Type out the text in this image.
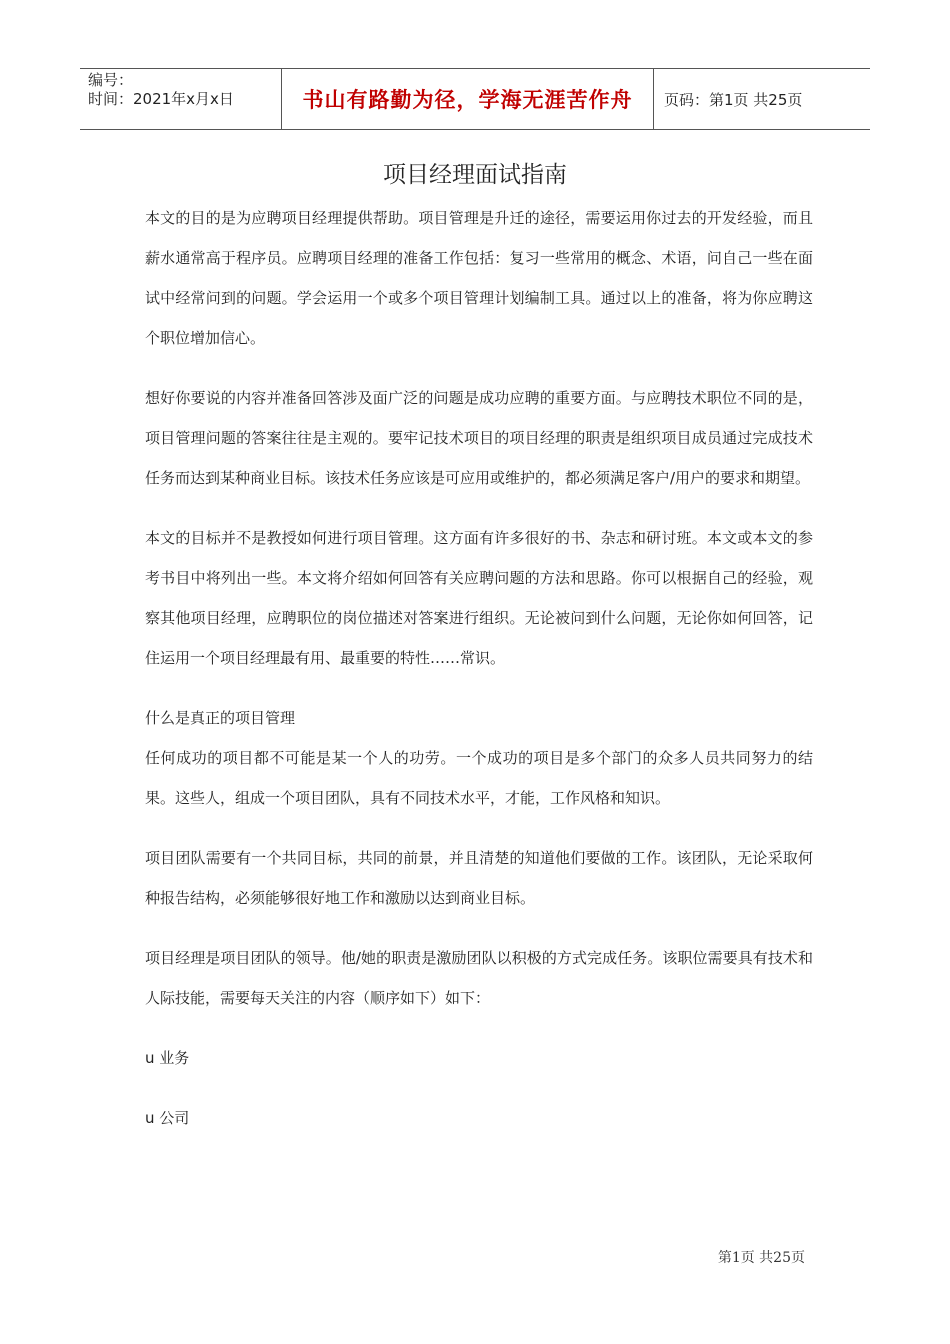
编号：
时间：2021年x月x日	书山有路勤为径，学海无涯苦作舟	页码：第1页 共25页
项目经理面试指南

本文的目的是为应聘项目经理提供帮助。项目管理是升迁的途径，需要运用你过去的开发经验，而且薪水通常高于程序员。应聘项目经理的准备工作包括：复习一些常用的概念、术语，问自己一些在面试中经常问到的问题。学会运用一个或多个项目管理计划编制工具。通过以上的准备，将为你应聘这个职位增加信心。

想好你要说的内容并准备回答涉及面广泛的问题是成功应聘的重要方面。与应聘技术职位不同的是，项目管理问题的答案往往是主观的。要牢记技术项目的项目经理的职责是组织项目成员通过完成技术任务而达到某种商业目标。该技术任务应该是可应用或维护的，都必须满足客户/用户的要求和期望。

本文的目标并不是教授如何进行项目管理。这方面有许多很好的书、杂志和研讨班。本文或本文的参考书目中将列出一些。本文将介绍如何回答有关应聘问题的方法和思路。你可以根据自己的经验，观察其他项目经理，应聘职位的岗位描述对答案进行组织。无论被问到什么问题，无论你如何回答，记住运用一个项目经理最有用、最重要的特性……常识。

什么是真正的项目管理

任何成功的项目都不可能是某一个人的功劳。一个成功的项目是多个部门的众多人员共同努力的结果。这些人，组成一个项目团队，具有不同技术水平，才能，工作风格和知识。

项目团队需要有一个共同目标，共同的前景，并且清楚的知道他们要做的工作。该团队，无论采取何种报告结构，必须能够很好地工作和激励以达到商业目标。

项目经理是项目团队的领导。他/她的职责是激励团队以积极的方式完成任务。该职位需要具有技术和人际技能，需要每天关注的内容（顺序如下）如下：

u 业务

u 公司

第1页 共25页
